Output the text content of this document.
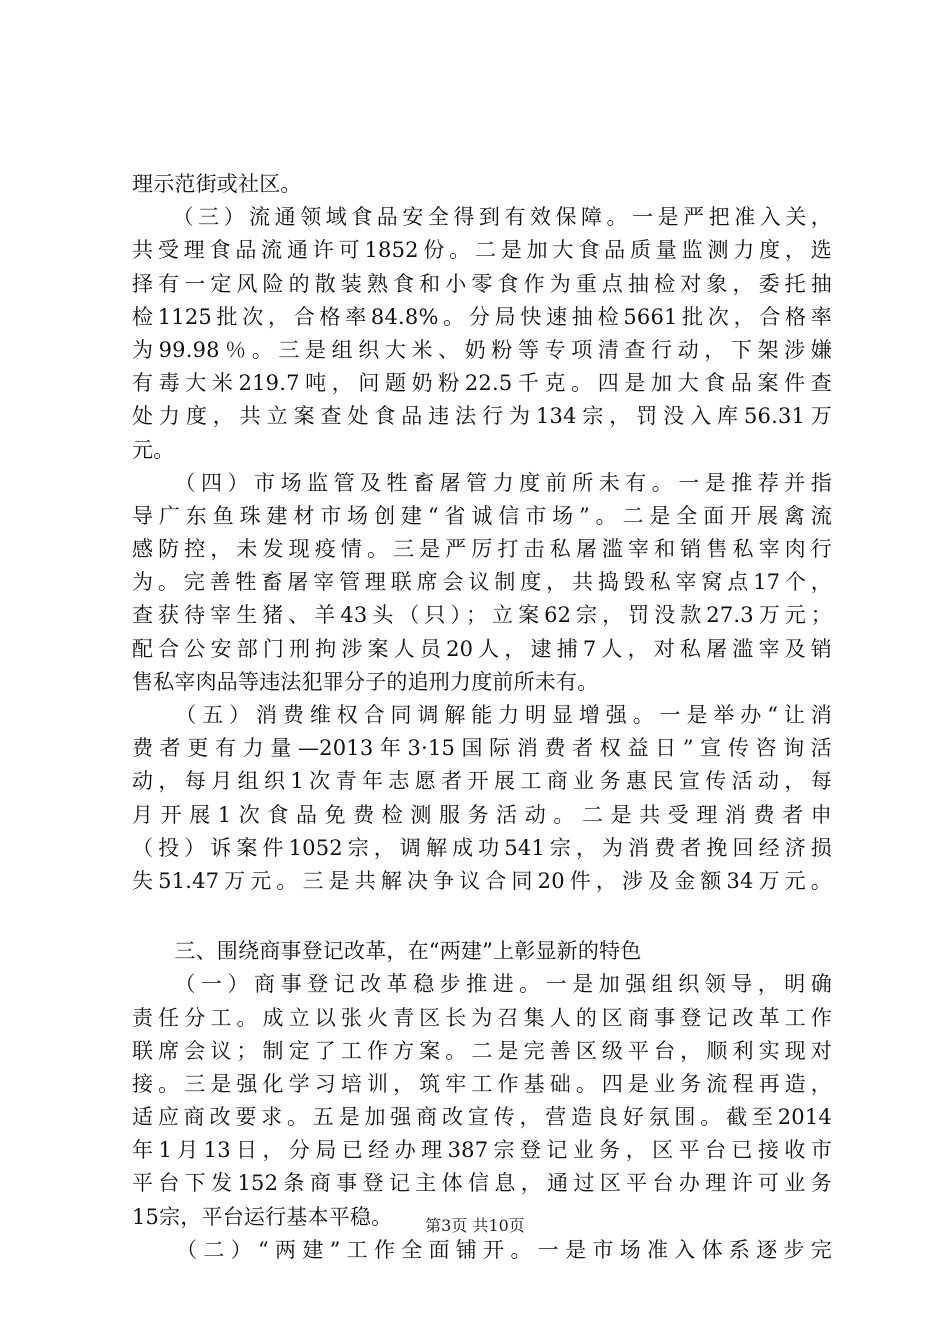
理示范街或社区。
　　（三）流通领域食品安全得到有效保障。一是严把准入关，
共受理食品流通许可1852份。二是加大食品质量监测力度，选
择有一定风险的散装熟食和小零食作为重点抽检对象，委托抽
检1125批次，合格率84.8%。分局快速抽检5661批次，合格率
为99.98％。三是组织大米、奶粉等专项清查行动，下架涉嫌
有毒大米219.7吨，问题奶粉22.5千克。四是加大食品案件查
处力度，共立案查处食品违法行为134宗，罚没入库56.31万
元。
　　（四）市场监管及牲畜屠管力度前所未有。一是推荐并指
导广东鱼珠建材市场创建“省诚信市场”。二是全面开展禽流
感防控，未发现疫情。三是严厉打击私屠滥宰和销售私宰肉行
为。完善牲畜屠宰管理联席会议制度，共捣毁私宰窝点17个，
查获待宰生猪、羊43头（只）；立案62宗，罚没款27.3万元；
配合公安部门刑拘涉案人员20人，逮捕7人，对私屠滥宰及销
售私宰肉品等违法犯罪分子的追刑力度前所未有。
　　（五）消费维权合同调解能力明显增强。一是举办“让消
费者更有力量—2013年3·15国际消费者权益日”宣传咨询活
动，每月组织1次青年志愿者开展工商业务惠民宣传活动，每
月开展1次食品免费检测服务活动。二是共受理消费者申
（投）诉案件1052宗，调解成功541宗，为消费者挽回经济损
失51.47万元。三是共解决争议合同20件，涉及金额34万元。
　　三、围绕商事登记改革，在“两建”上彰显新的特色
　　（一）商事登记改革稳步推进。一是加强组织领导，明确
责任分工。成立以张火青区长为召集人的区商事登记改革工作
联席会议；制定了工作方案。二是完善区级平台，顺利实现对
接。三是强化学习培训，筑牢工作基础。四是业务流程再造，
适应商改要求。五是加强商改宣传，营造良好氛围。截至2014
年1月13日，分局已经办理387宗登记业务，区平台已接收市
平台下发152条商事登记主体信息，通过区平台办理许可业务
15宗，平台运行基本平稳。
　　（二）“两建”工作全面铺开。一是市场准入体系逐步完
第3页 共10页
